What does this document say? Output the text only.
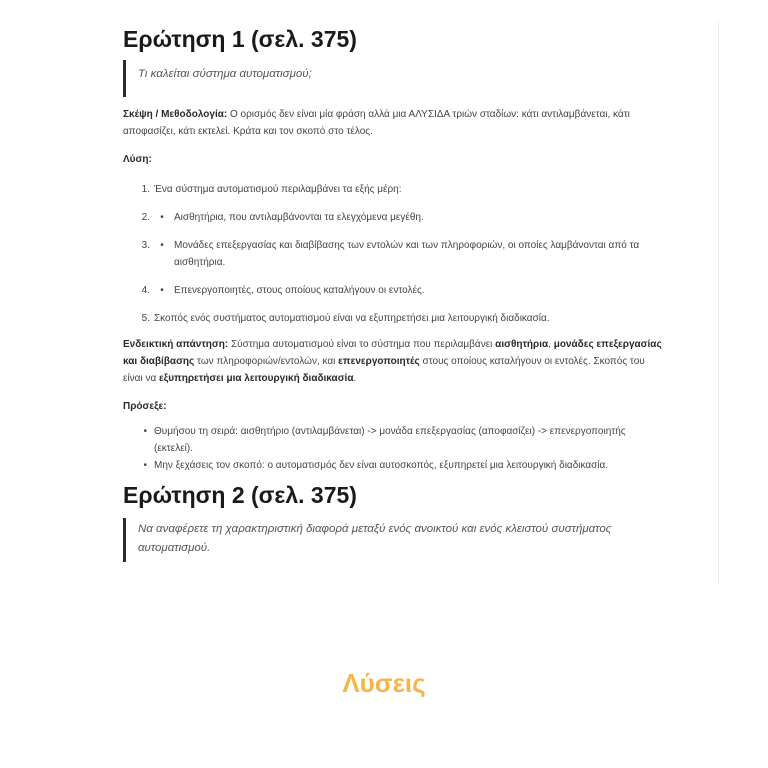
Ερώτηση 1 (σελ. 375)
Τι καλείται σύστημα αυτοματισμού;

Σκέψη / Μεθοδολογία: Ο ορισμός δεν είναι μία φράση αλλά μια ΑΛΥΣΙΔΑ τριών σταδίων: κάτι αντιλαμβάνεται, κάτι αποφασίζει, κάτι εκτελεί. Κράτα και τον σκοπό στο τέλος.

Λύση:

1. Ένα σύστημα αυτοματισμού περιλαμβάνει τα εξής μέρη:
2.	•	Αισθητήρια, που αντιλαμβάνονται τα ελεγχόμενα μεγέθη.
3.	•	Μονάδες επεξεργασίας και διαβίβασης των εντολών και των πληροφοριών, οι οποίες λαμβάνονται από τα αισθητήρια.
4.	•	Επενεργοποιητές, στους οποίους καταλήγουν οι εντολές.
5. Σκοπός ενός συστήματος αυτοματισμού είναι να εξυπηρετήσει μια λειτουργική διαδικασία.

Ενδεικτική απάντηση: Σύστημα αυτοματισμού είναι το σύστημα που περιλαμβάνει αισθητήρια, μονάδες επεξεργασίας και διαβίβασης των πληροφοριών/εντολών, και επενεργοποιητές στους οποίους καταλήγουν οι εντολές. Σκοπός του είναι να εξυπηρετήσει μια λειτουργική διαδικασία.

Πρόσεξε:

• Θυμήσου τη σειρά: αισθητήριο (αντιλαμβάνεται) -> μονάδα επεξεργασίας (αποφασίζει) -> επενεργοποιητής (εκτελεί).
• Μην ξεχάσεις τον σκοπό: ο αυτοματισμός δεν είναι αυτοσκοπός, εξυπηρετεί μια λειτουργική διαδικασία.
Ερώτηση 2 (σελ. 375)
Να αναφέρετε τη χαρακτηριστική διαφορά μεταξύ ενός ανοικτού και ενός κλειστού συστήματος αυτοματισμού.
Λύσεις
